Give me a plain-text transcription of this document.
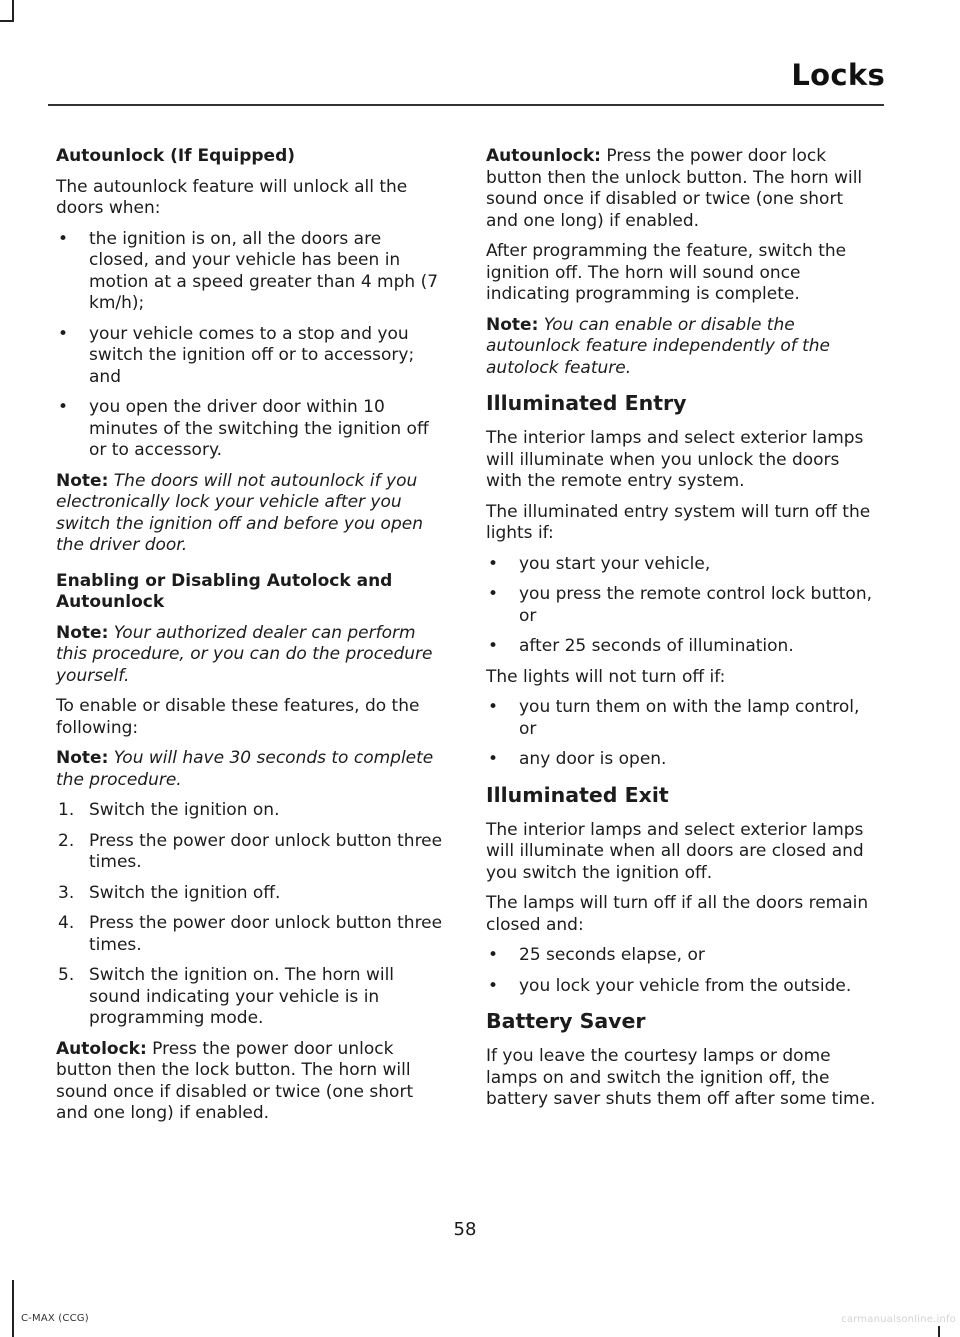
Locks
Autounlock (If Equipped)

The autounlock feature will unlock all the doors when:

• the ignition is on, all the doors are closed, and your vehicle has been in motion at a speed greater than 4 mph (7 km/h);
• your vehicle comes to a stop and you switch the ignition off or to accessory; and
• you open the driver door within 10 minutes of the switching the ignition off or to accessory.

Note: The doors will not autounlock if you electronically lock your vehicle after you switch the ignition off and before you open the driver door.

Enabling or Disabling Autolock and Autounlock

Note: Your authorized dealer can perform this procedure, or you can do the procedure yourself.

To enable or disable these features, do the following:

Note: You will have 30 seconds to complete the procedure.

1. Switch the ignition on.
2. Press the power door unlock button three times.
3. Switch the ignition off.
4. Press the power door unlock button three times.
5. Switch the ignition on. The horn will sound indicating your vehicle is in programming mode.

Autolock: Press the power door unlock button then the lock button. The horn will sound once if disabled or twice (one short and one long) if enabled.

Autounlock: Press the power door lock button then the unlock button. The horn will sound once if disabled or twice (one short and one long) if enabled.

After programming the feature, switch the ignition off. The horn will sound once indicating programming is complete.

Note: You can enable or disable the autounlock feature independently of the autolock feature.

Illuminated Entry

The interior lamps and select exterior lamps will illuminate when you unlock the doors with the remote entry system.

The illuminated entry system will turn off the lights if:

• you start your vehicle,
• you press the remote control lock button, or
• after 25 seconds of illumination.

The lights will not turn off if:

• you turn them on with the lamp control, or
• any door is open.
Illuminated Exit

The interior lamps and select exterior lamps will illuminate when all doors are closed and you switch the ignition off.

The lamps will turn off if all the doors remain closed and:

• 25 seconds elapse, or
• you lock your vehicle from the outside.
Battery Saver

If you leave the courtesy lamps or dome lamps on and switch the ignition off, the battery saver shuts them off after some time.

58
C-MAX (CCG)	carmanualsonline.info
